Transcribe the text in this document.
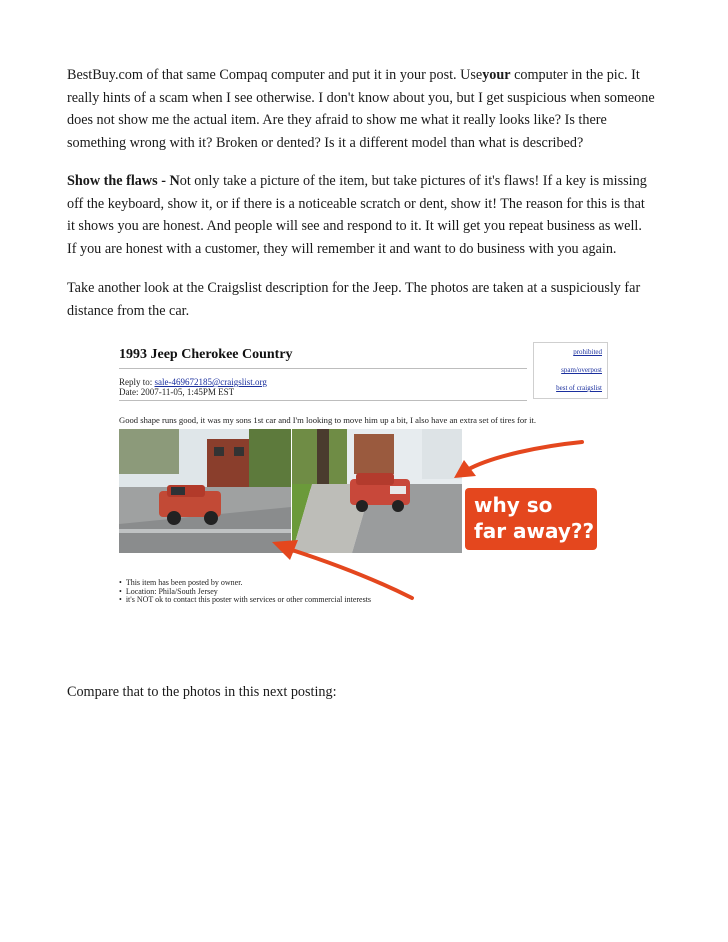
BestBuy.com of that same Compaq computer and put it in your post. Useyour computer in the pic. It
really hints of a scam when I see otherwise. I don't know about you, but I get suspicious when someone
does not show me the actual item. Are they afraid to show me what it really looks like? Is there
something wrong with it? Broken or dented? Is it a different model than what is described?

Show the flaws - Not only take a picture of the item, but take pictures of it's flaws! If a key is missing
off the keyboard, show it, or if there is a noticeable scratch or dent, show it! The reason for this is that
it shows you are honest. And people will see and respond to it. It will get you repeat business as well.
If you are honest with a customer, they will remember it and want to do business with you again.

Take another look at the Craigslist description for the Jeep. The photos are taken at a suspiciously far
distance from the car.

1993 Jeep Cherokee Country
Reply to: sale-469672185@craigslist.org
Date: 2007-11-05, 1:45PM EST
prohibited
spam/overpost
best of craigslist
Good shape runs good, it was my sons 1st car and I'm looking to move him up a bit, I also have an extra set of tires for it.
why so
far away??
• This item has been posted by owner.
• Location: Phila/South Jersey
• it's NOT ok to contact this poster with services or other commercial interests

Compare that to the photos in this next posting:
